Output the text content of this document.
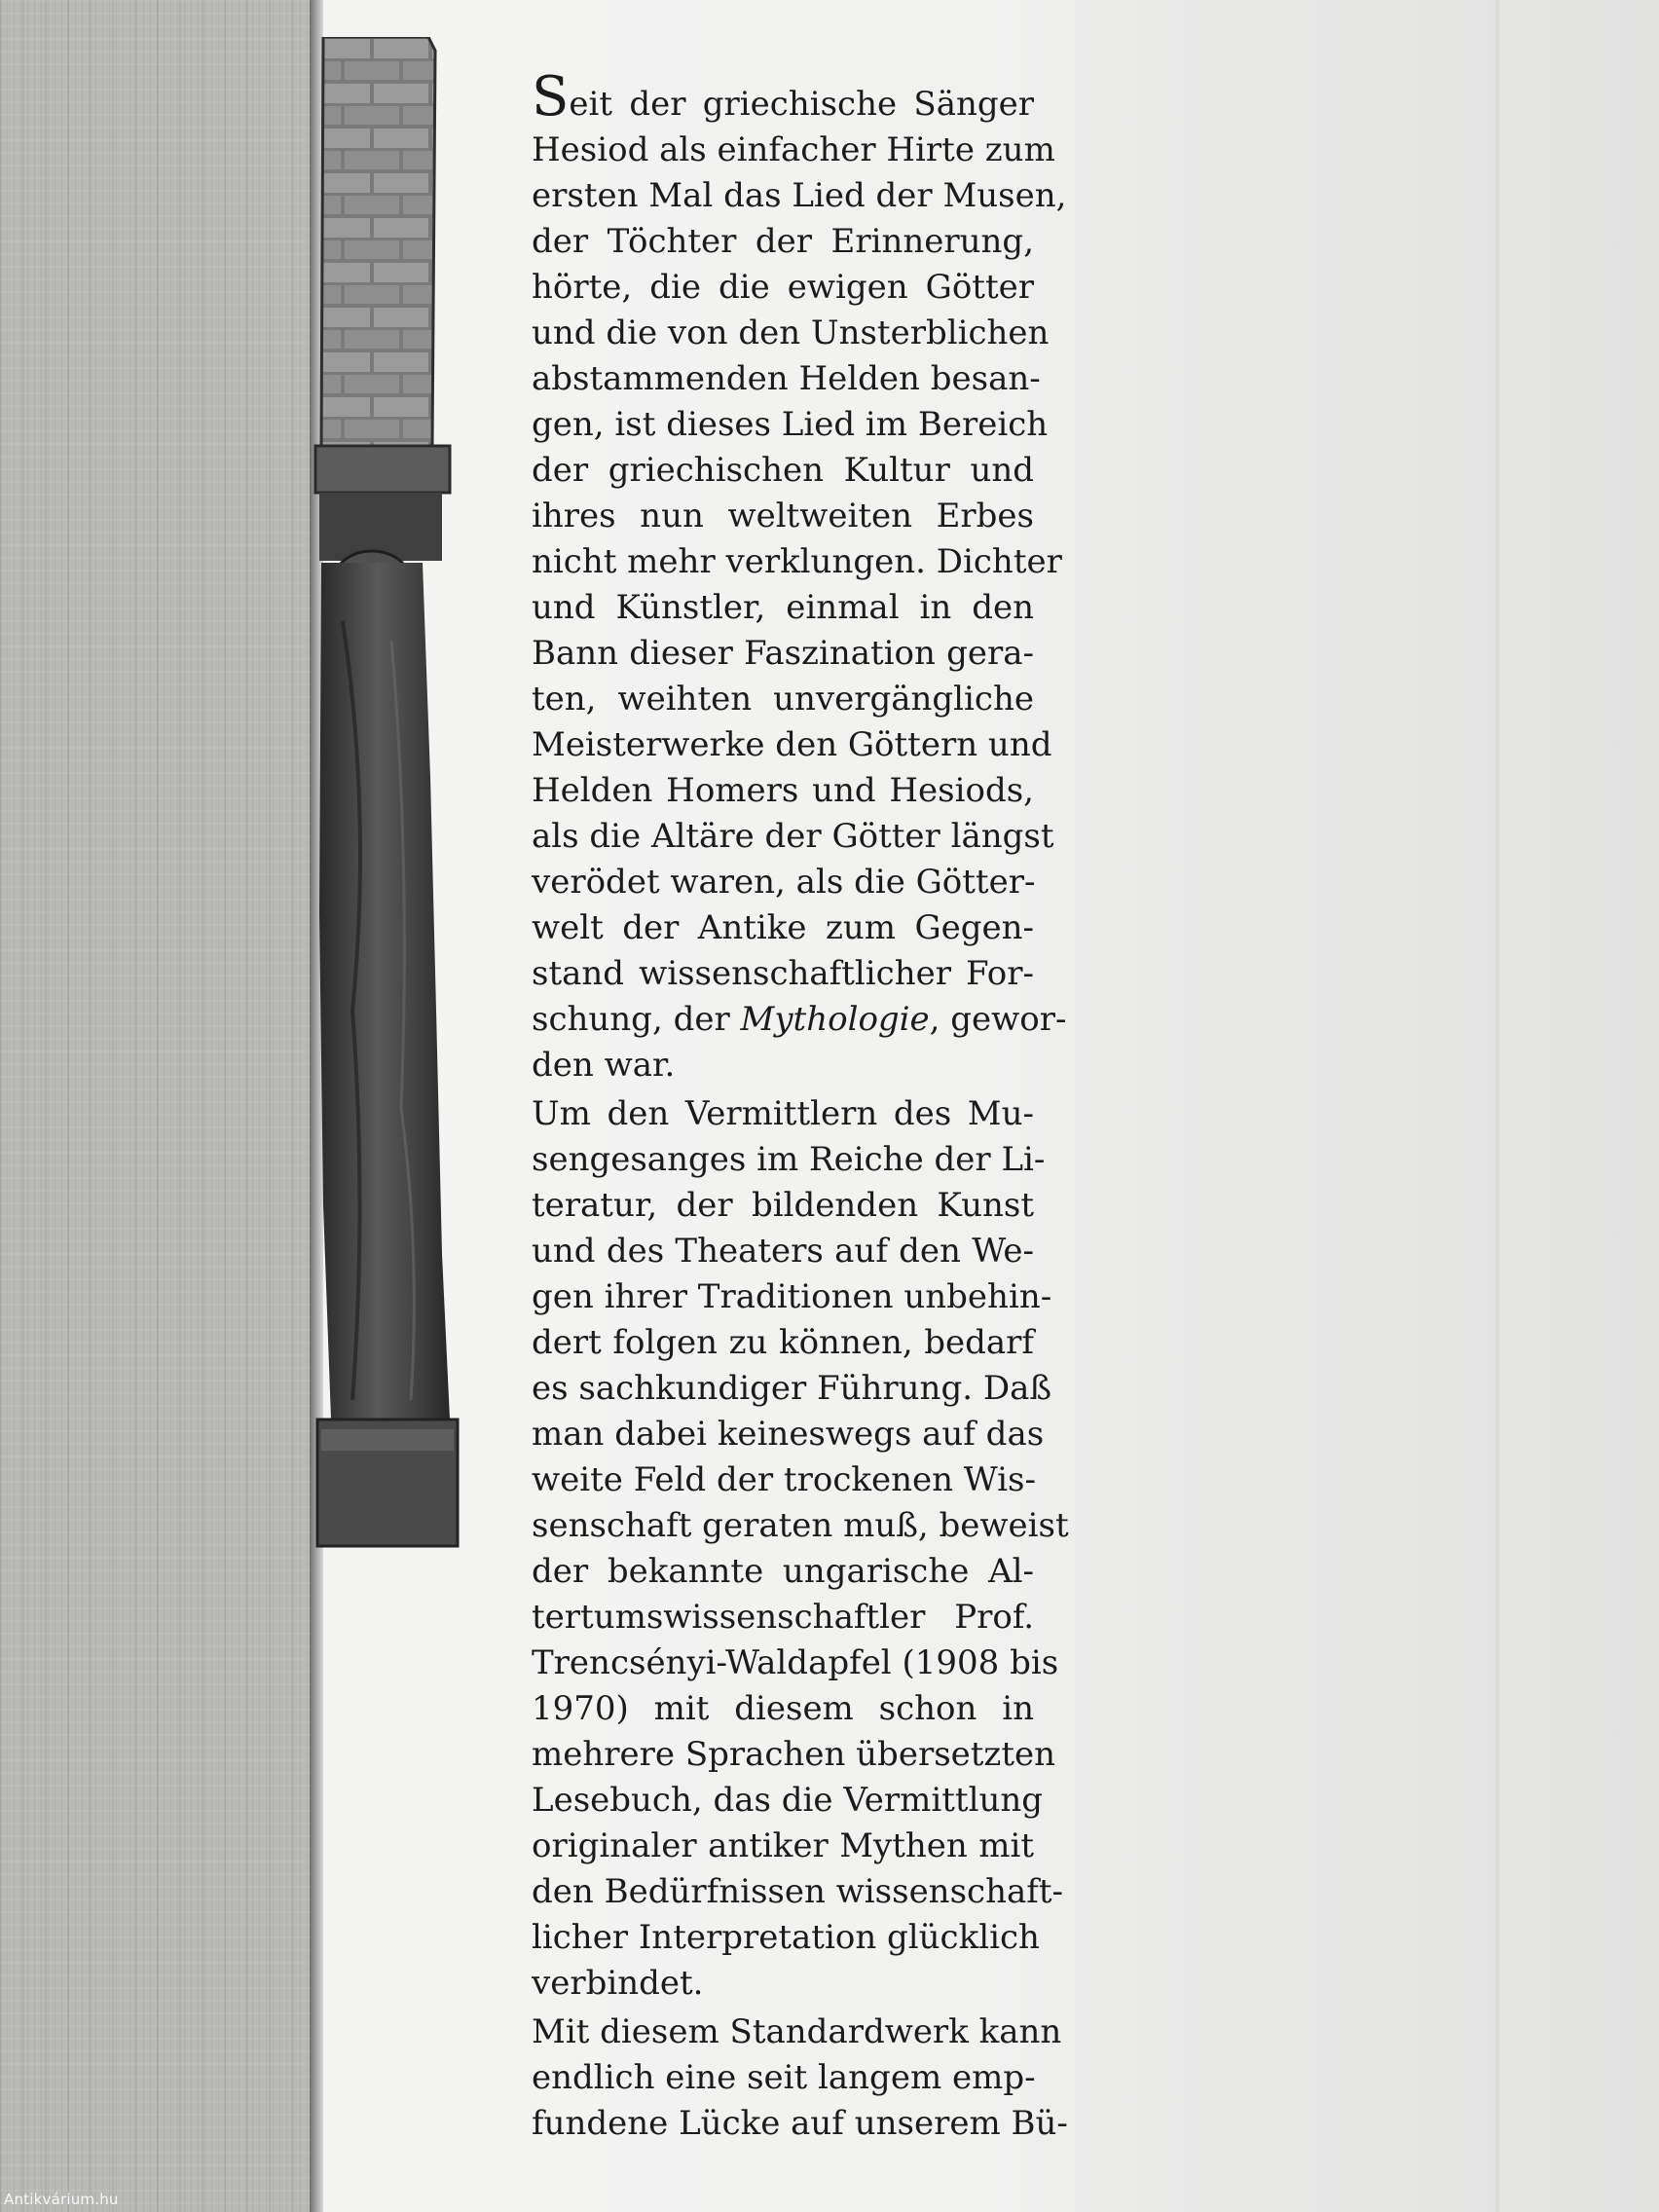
Seit der griechische Sänger
Hesiod als einfacher Hirte zum
ersten Mal das Lied der Musen,
der Töchter der Erinnerung,
hörte, die die ewigen Götter
und die von den Unsterblichen
abstammenden Helden besan-
gen, ist dieses Lied im Bereich
der griechischen Kultur und
ihres nun weltweiten Erbes
nicht mehr verklungen. Dichter
und Künstler, einmal in den
Bann dieser Faszination gera-
ten, weihten unvergängliche
Meisterwerke den Göttern und
Helden Homers und Hesiods,
als die Altäre der Götter längst
verödet waren, als die Götter-
welt der Antike zum Gegen-
stand wissenschaftlicher For-
schung, der Mythologie, gewor-
den war.

Um den Vermittlern des Mu-
sengesanges im Reiche der Li-
teratur, der bildenden Kunst
und des Theaters auf den We-
gen ihrer Traditionen unbehin-
dert folgen zu können, bedarf
es sachkundiger Führung. Daß
man dabei keineswegs auf das
weite Feld der trockenen Wis-
senschaft geraten muß, beweist
der bekannte ungarische Al-
tertumswissenschaftler Prof.
Trencsényi-Waldapfel (1908 bis
1970) mit diesem schon in
mehrere Sprachen übersetzten
Lesebuch, das die Vermittlung
originaler antiker Mythen mit
den Bedürfnissen wissenschaft-
licher Interpretation glücklich
verbindet.

Mit diesem Standardwerk kann
endlich eine seit langem emp-
fundene Lücke auf unserem Bü-

Antikvárium.hu
